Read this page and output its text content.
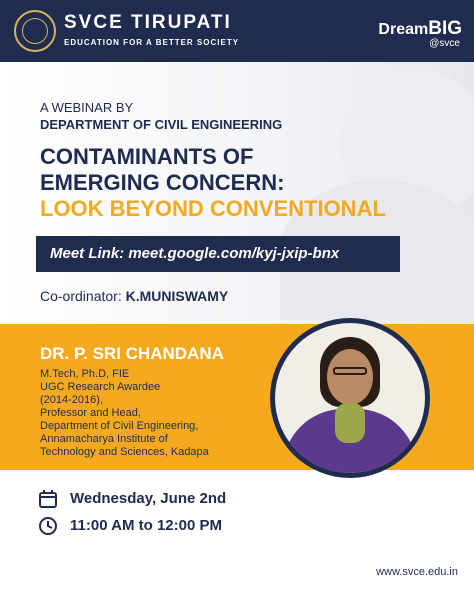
SVCE TIRUPATI
EDUCATION FOR A BETTER SOCIETY
DreamBIG
@svce
A WEBINAR BY
DEPARTMENT OF CIVIL ENGINEERING
CONTAMINANTS OF
EMERGING CONCERN:
LOOK BEYOND CONVENTIONAL
Meet Link: meet.google.com/kyj-jxip-bnx
Co-ordinator: K.MUNISWAMY
DR. P. SRI CHANDANA
M.Tech, Ph.D, FIE
UGC Research Awardee
(2014-2016),
Professor and Head,
Department of Civil Engineering,
Annamacharya Institute of
Technology and Sciences, Kadapa
Wednesday, June 2nd
11:00 AM to 12:00 PM
www.svce.edu.in
